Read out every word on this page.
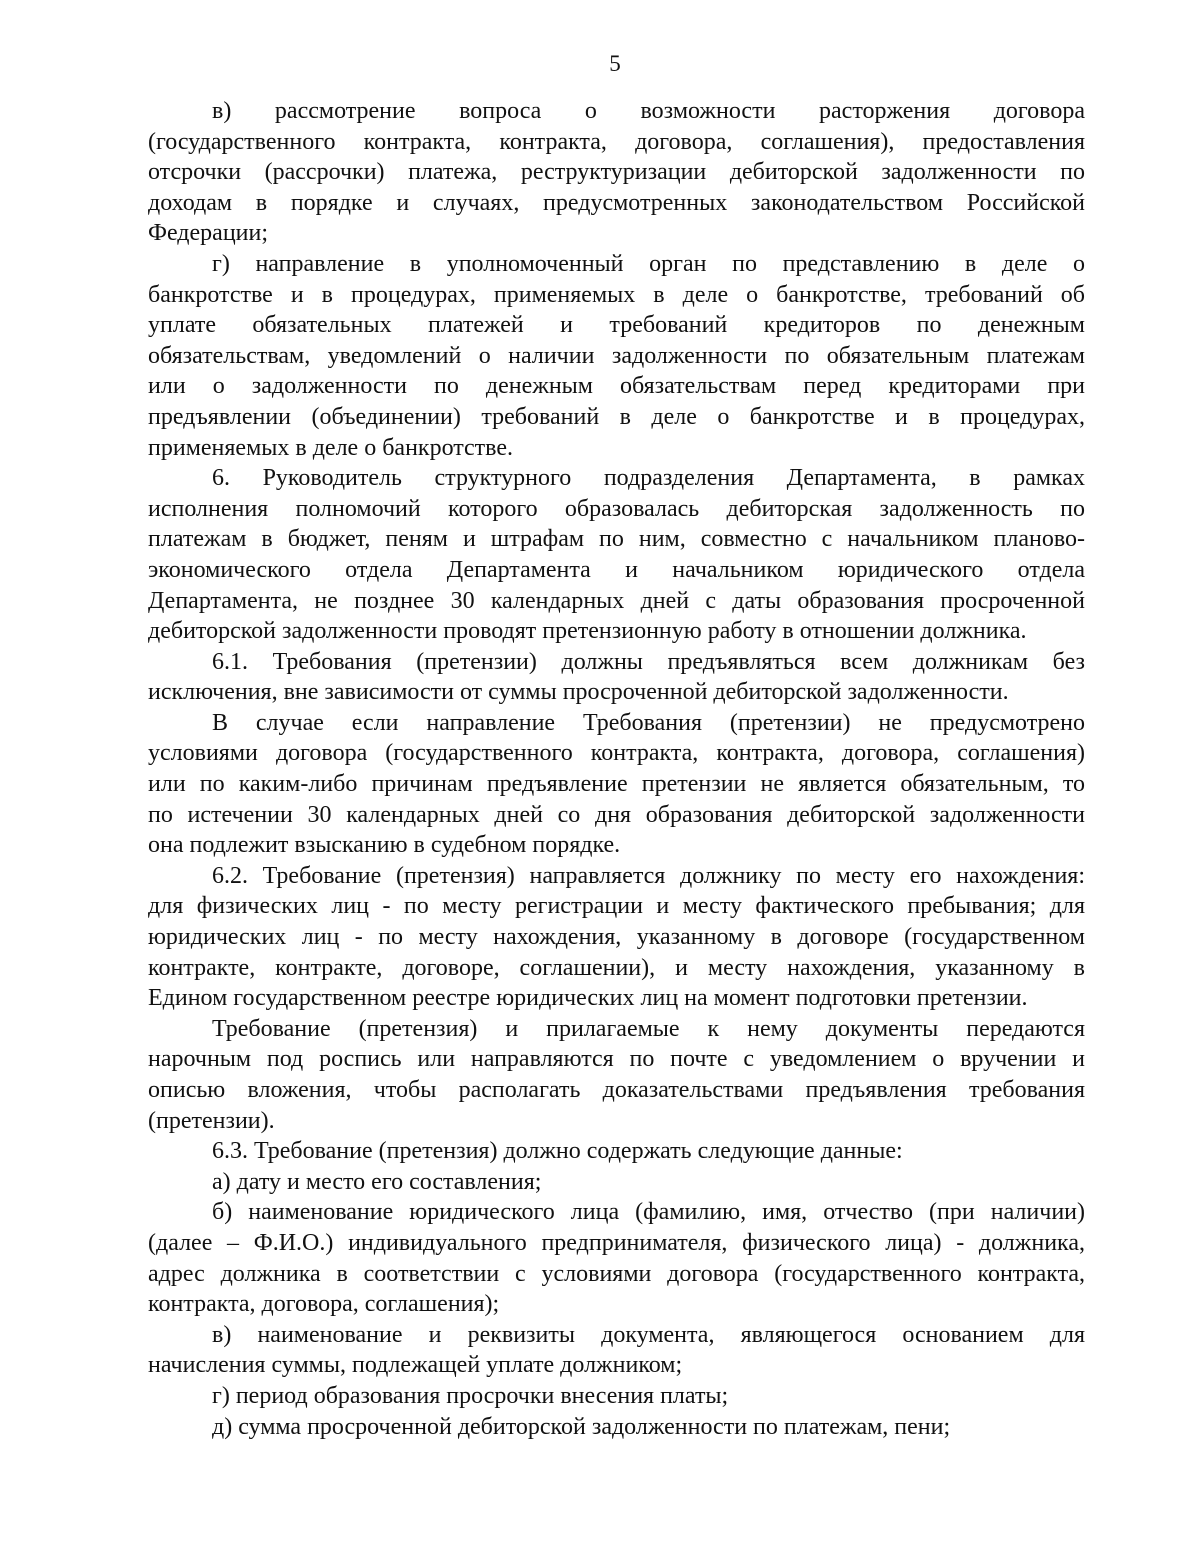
5
в) рассмотрение вопроса о возможности расторжения договора
(государственного контракта, контракта, договора, соглашения), предоставления
отсрочки (рассрочки) платежа, реструктуризации дебиторской задолженности по
доходам в порядке и случаях, предусмотренных законодательством Российской
Федерации;
г) направление в уполномоченный орган по представлению в деле о
банкротстве и в процедурах, применяемых в деле о банкротстве, требований об
уплате обязательных платежей и требований кредиторов по денежным
обязательствам, уведомлений о наличии задолженности по обязательным платежам
или о задолженности по денежным обязательствам перед кредиторами при
предъявлении (объединении) требований в деле о банкротстве и в процедурах,
применяемых в деле о банкротстве.
6. Руководитель структурного подразделения Департамента, в рамках
исполнения полномочий которого образовалась дебиторская задолженность по
платежам в бюджет, пеням и штрафам по ним, совместно с начальником планово-
экономического отдела Департамента и начальником юридического отдела
Департамента, не позднее 30 календарных дней с даты образования просроченной
дебиторской задолженности проводят претензионную работу в отношении должника.
6.1. Требования (претензии) должны предъявляться всем должникам без
исключения, вне зависимости от суммы просроченной дебиторской задолженности.
В случае если направление Требования (претензии) не предусмотрено
условиями договора (государственного контракта, контракта, договора, соглашения)
или по каким-либо причинам предъявление претензии не является обязательным, то
по истечении 30 календарных дней со дня образования дебиторской задолженности
она подлежит взысканию в судебном порядке.
6.2. Требование (претензия) направляется должнику по месту его нахождения:
для физических лиц - по месту регистрации и месту фактического пребывания; для
юридических лиц - по месту нахождения, указанному в договоре (государственном
контракте, контракте, договоре, соглашении), и месту нахождения, указанному в
Едином государственном реестре юридических лиц на момент подготовки претензии.
Требование (претензия) и прилагаемые к нему документы передаются
нарочным под роспись или направляются по почте с уведомлением о вручении и
описью вложения, чтобы располагать доказательствами предъявления требования
(претензии).
6.3. Требование (претензия) должно содержать следующие данные:
а) дату и место его составления;
б) наименование юридического лица (фамилию, имя, отчество (при наличии)
(далее – Ф.И.О.) индивидуального предпринимателя, физического лица) - должника,
адрес должника в соответствии с условиями договора (государственного контракта,
контракта, договора, соглашения);
в) наименование и реквизиты документа, являющегося основанием для
начисления суммы, подлежащей уплате должником;
г) период образования просрочки внесения платы;
д) сумма просроченной дебиторской задолженности по платежам, пени;
